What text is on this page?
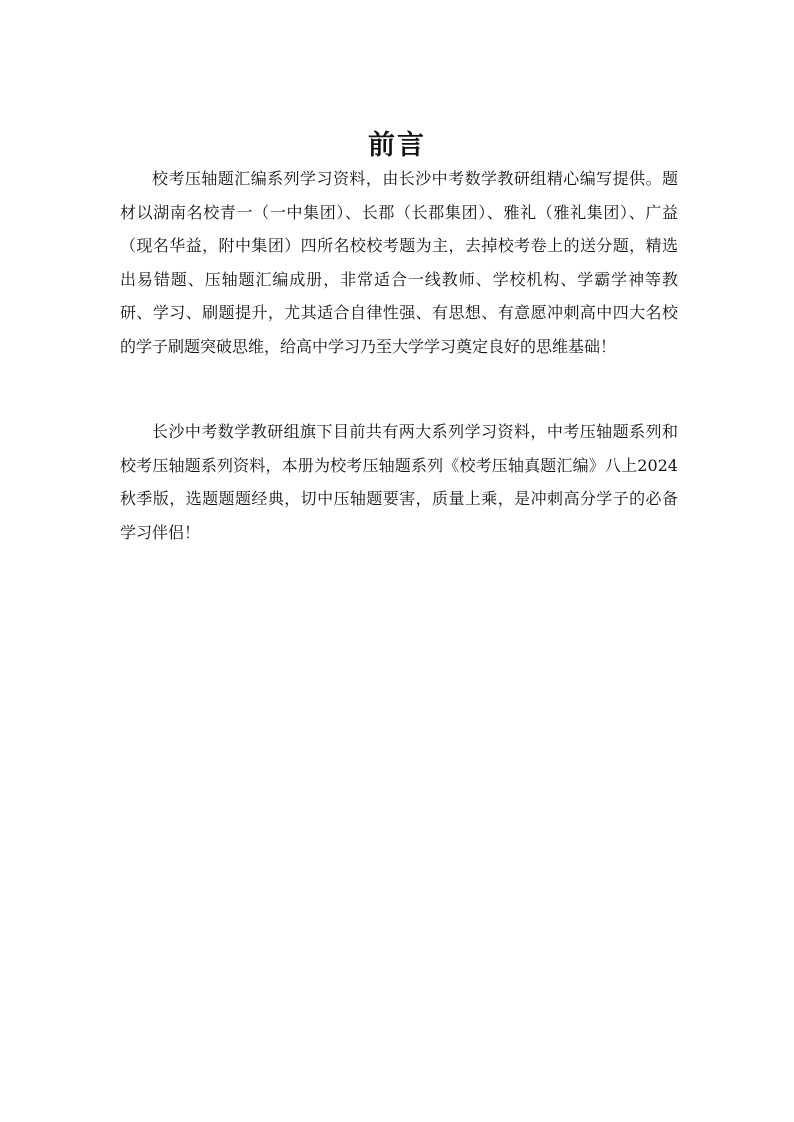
前言

校考压轴题汇编系列学习资料，由长沙中考数学教研组精心编写提供。题材以湖南名校青一（一中集团）、长郡（长郡集团）、雅礼（雅礼集团）、广益（现名华益，附中集团）四所名校校考题为主，去掉校考卷上的送分题，精选出易错题、压轴题汇编成册，非常适合一线教师、学校机构、学霸学神等教研、学习、刷题提升，尤其适合自律性强、有思想、有意愿冲刺高中四大名校的学子刷题突破思维，给高中学习乃至大学学习奠定良好的思维基础！

长沙中考数学教研组旗下目前共有两大系列学习资料，中考压轴题系列和校考压轴题系列资料，本册为校考压轴题系列《校考压轴真题汇编》八上2024秋季版，选题题题经典，切中压轴题要害，质量上乘，是冲刺高分学子的必备学习伴侣！
